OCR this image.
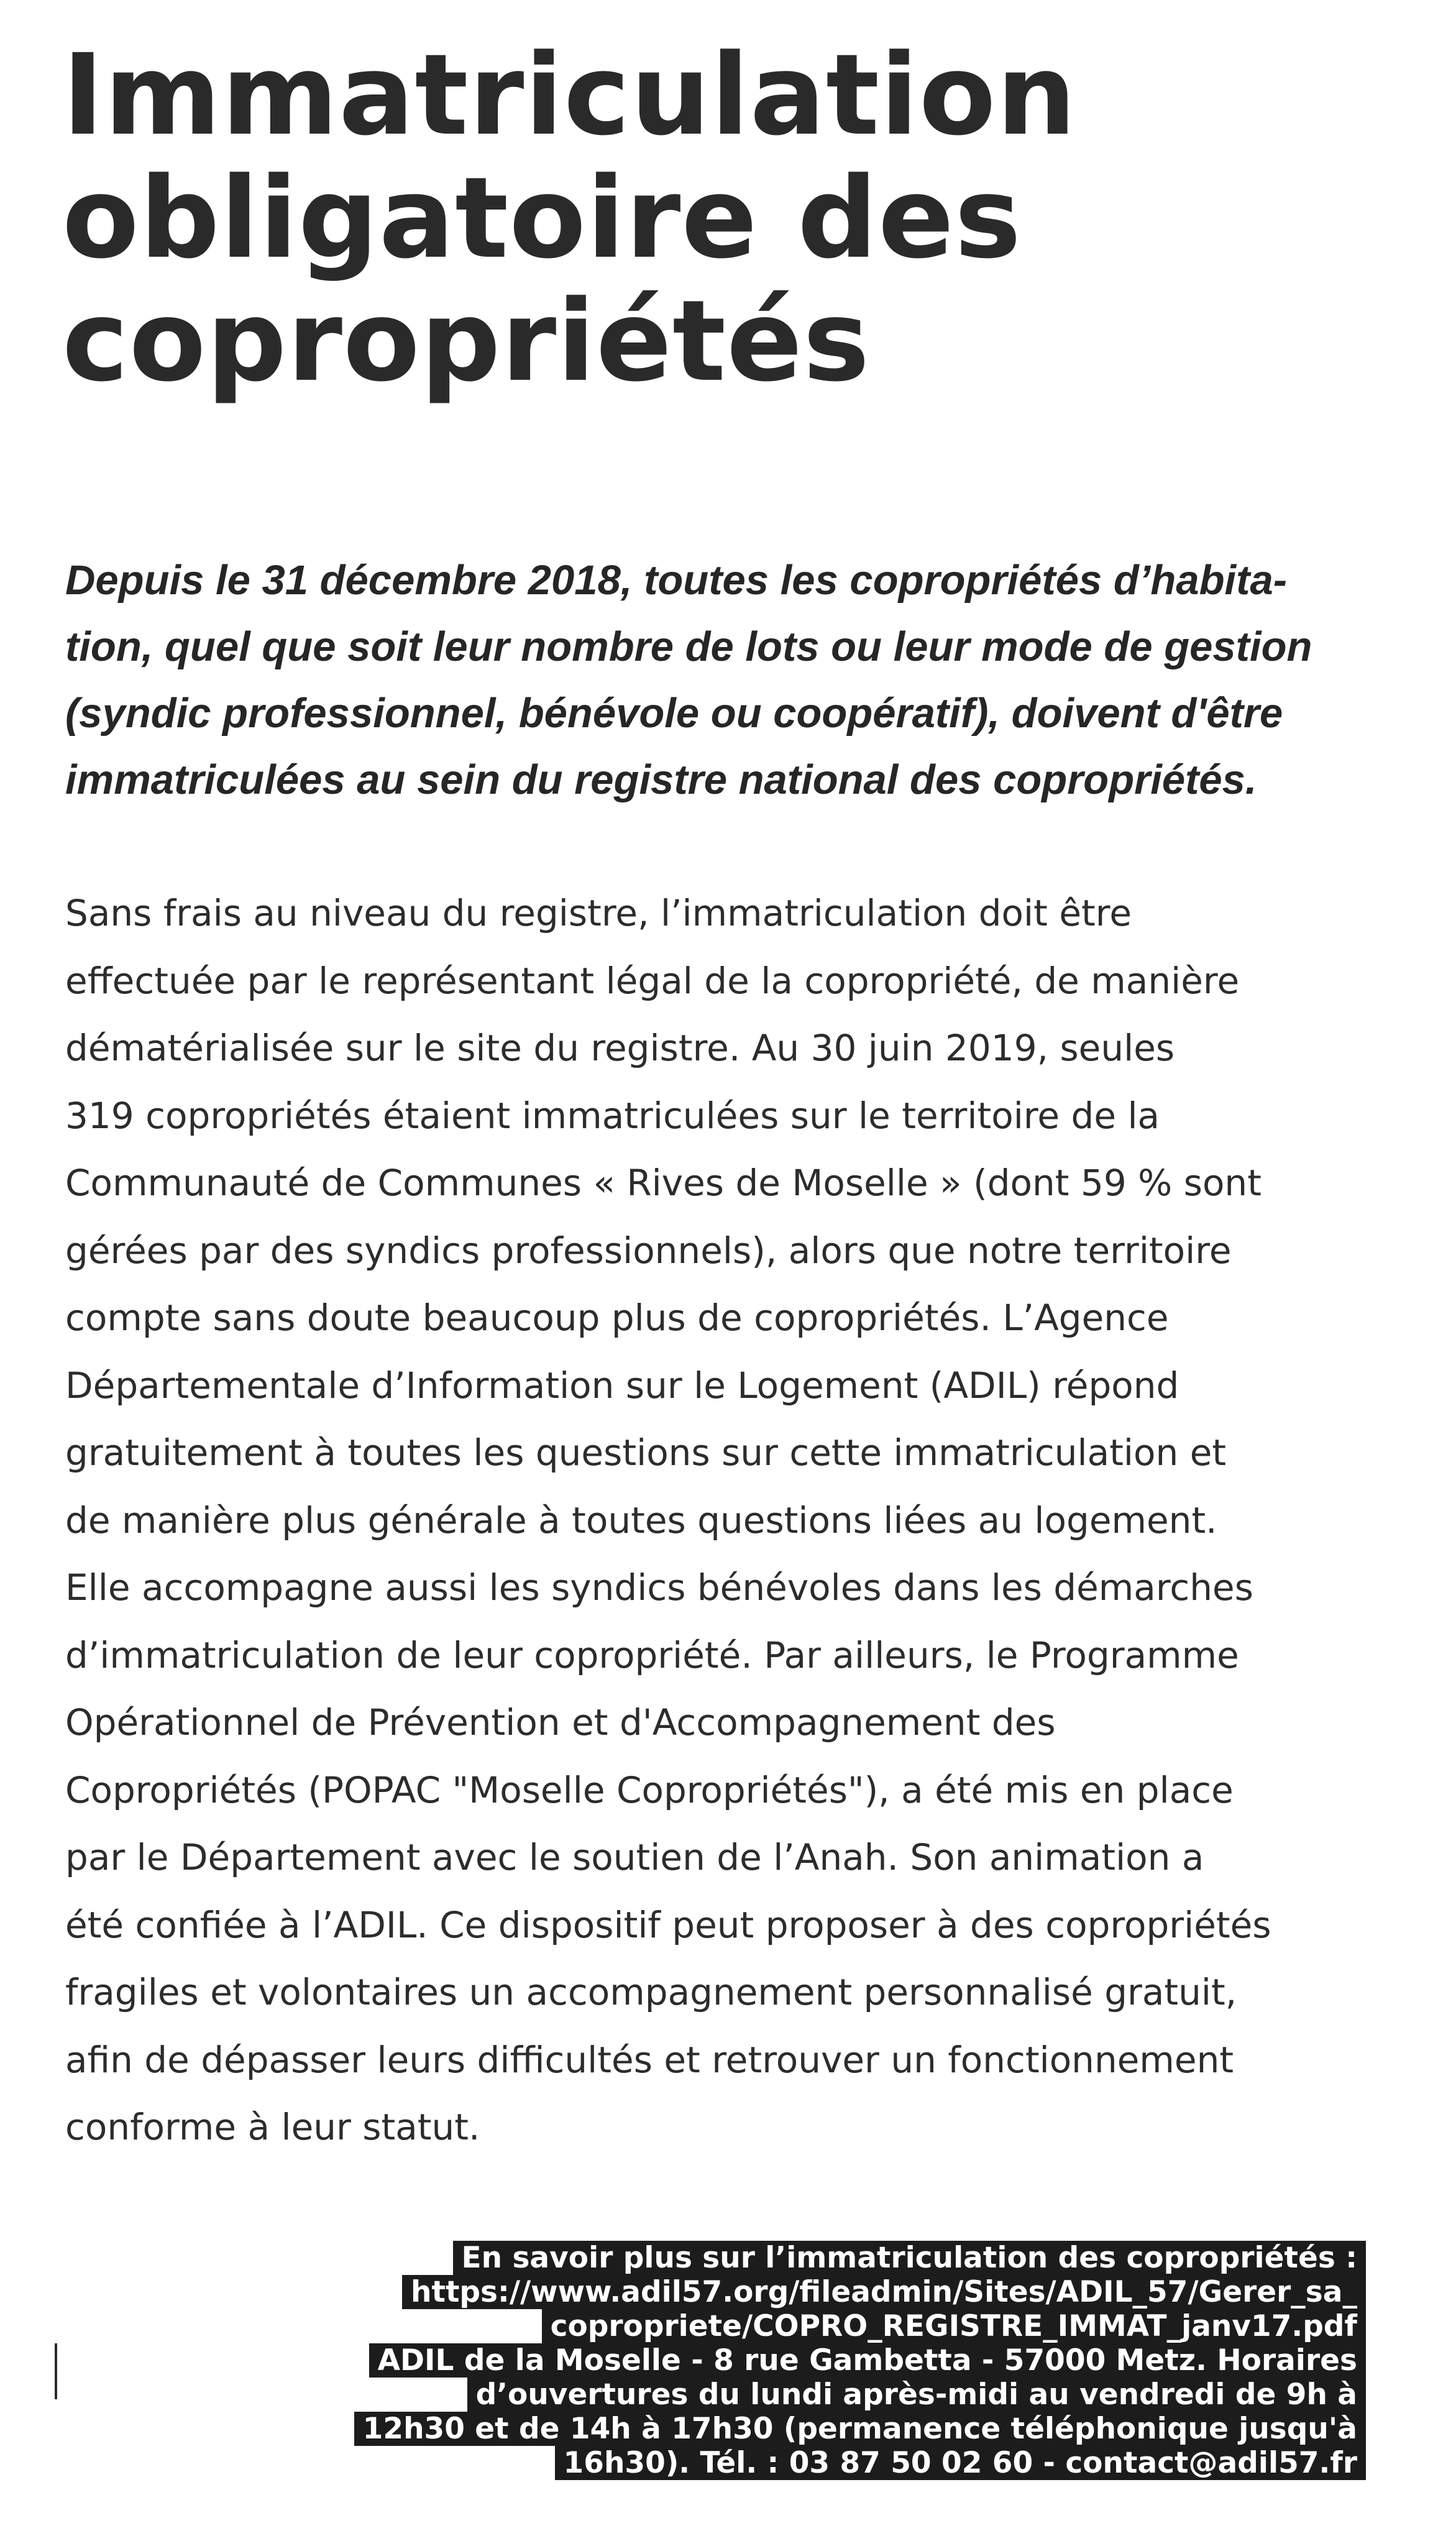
Immatriculation
obligatoire des
copropriétés

Depuis le 31 décembre 2018, toutes les copropriétés d’habita-
tion, quel que soit leur nombre de lots ou leur mode de gestion
(syndic professionnel, bénévole ou coopératif), doivent d'être
immatriculées au sein du registre national des copropriétés.

Sans frais au niveau du registre, l’immatriculation doit être
effectuée par le représentant légal de la copropriété, de manière
dématérialisée sur le site du registre. Au 30 juin 2019, seules
319 copropriétés étaient immatriculées sur le territoire de la
Communauté de Communes « Rives de Moselle » (dont 59 % sont
gérées par des syndics professionnels), alors que notre territoire
compte sans doute beaucoup plus de copropriétés. L’Agence
Départementale d’Information sur le Logement (ADIL) répond
gratuitement à toutes les questions sur cette immatriculation et
de manière plus générale à toutes questions liées au logement.
Elle accompagne aussi les syndics bénévoles dans les démarches
d’immatriculation de leur copropriété. Par ailleurs, le Programme
Opérationnel de Prévention et d'Accompagnement des
Copropriétés (POPAC "Moselle Copropriétés"), a été mis en place
par le Département avec le soutien de l’Anah. Son animation a
été confiée à l’ADIL. Ce dispositif peut proposer à des copropriétés
fragiles et volontaires un accompagnement personnalisé gratuit,
afin de dépasser leurs difficultés et retrouver un fonctionnement
conforme à leur statut.

En savoir plus sur l’immatriculation des copropriétés :
https://www.adil57.org/fileadmin/Sites/ADIL_57/Gerer_sa_
copropriete/COPRO_REGISTRE_IMMAT_janv17.pdf
ADIL de la Moselle - 8 rue Gambetta - 57000 Metz. Horaires
d’ouvertures du lundi après-midi au vendredi de 9h à
12h30 et de 14h à 17h30 (permanence téléphonique jusqu'à
16h30). Tél. : 03 87 50 02 60 - contact@adil57.fr
